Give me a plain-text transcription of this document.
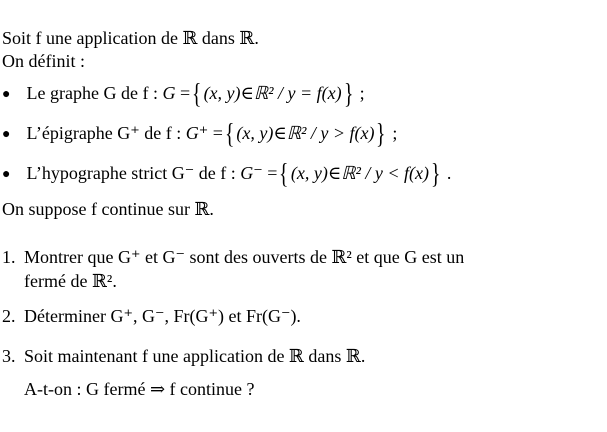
Soit f une application de ℝ dans ℝ.
On définit :
● Le graphe G de f : G ={ (x, y)∈ℝ² / y = f(x)} ;
● L’épigraphe G⁺ de f : G⁺ ={ (x, y)∈ℝ² / y > f(x)} ;
● L’hypographe strict G⁻ de f : G⁻ ={ (x, y)∈ℝ² / y < f(x)} .
On suppose f continue sur ℝ.
1. Montrer que G⁺ et G⁻ sont des ouverts de ℝ² et que G est un
fermé de ℝ².
2. Déterminer G⁺, G⁻, Fr(G⁺) et Fr(G⁻).
3. Soit maintenant f une application de ℝ dans ℝ.
A-t-on : G fermé ⇒ f continue ?
